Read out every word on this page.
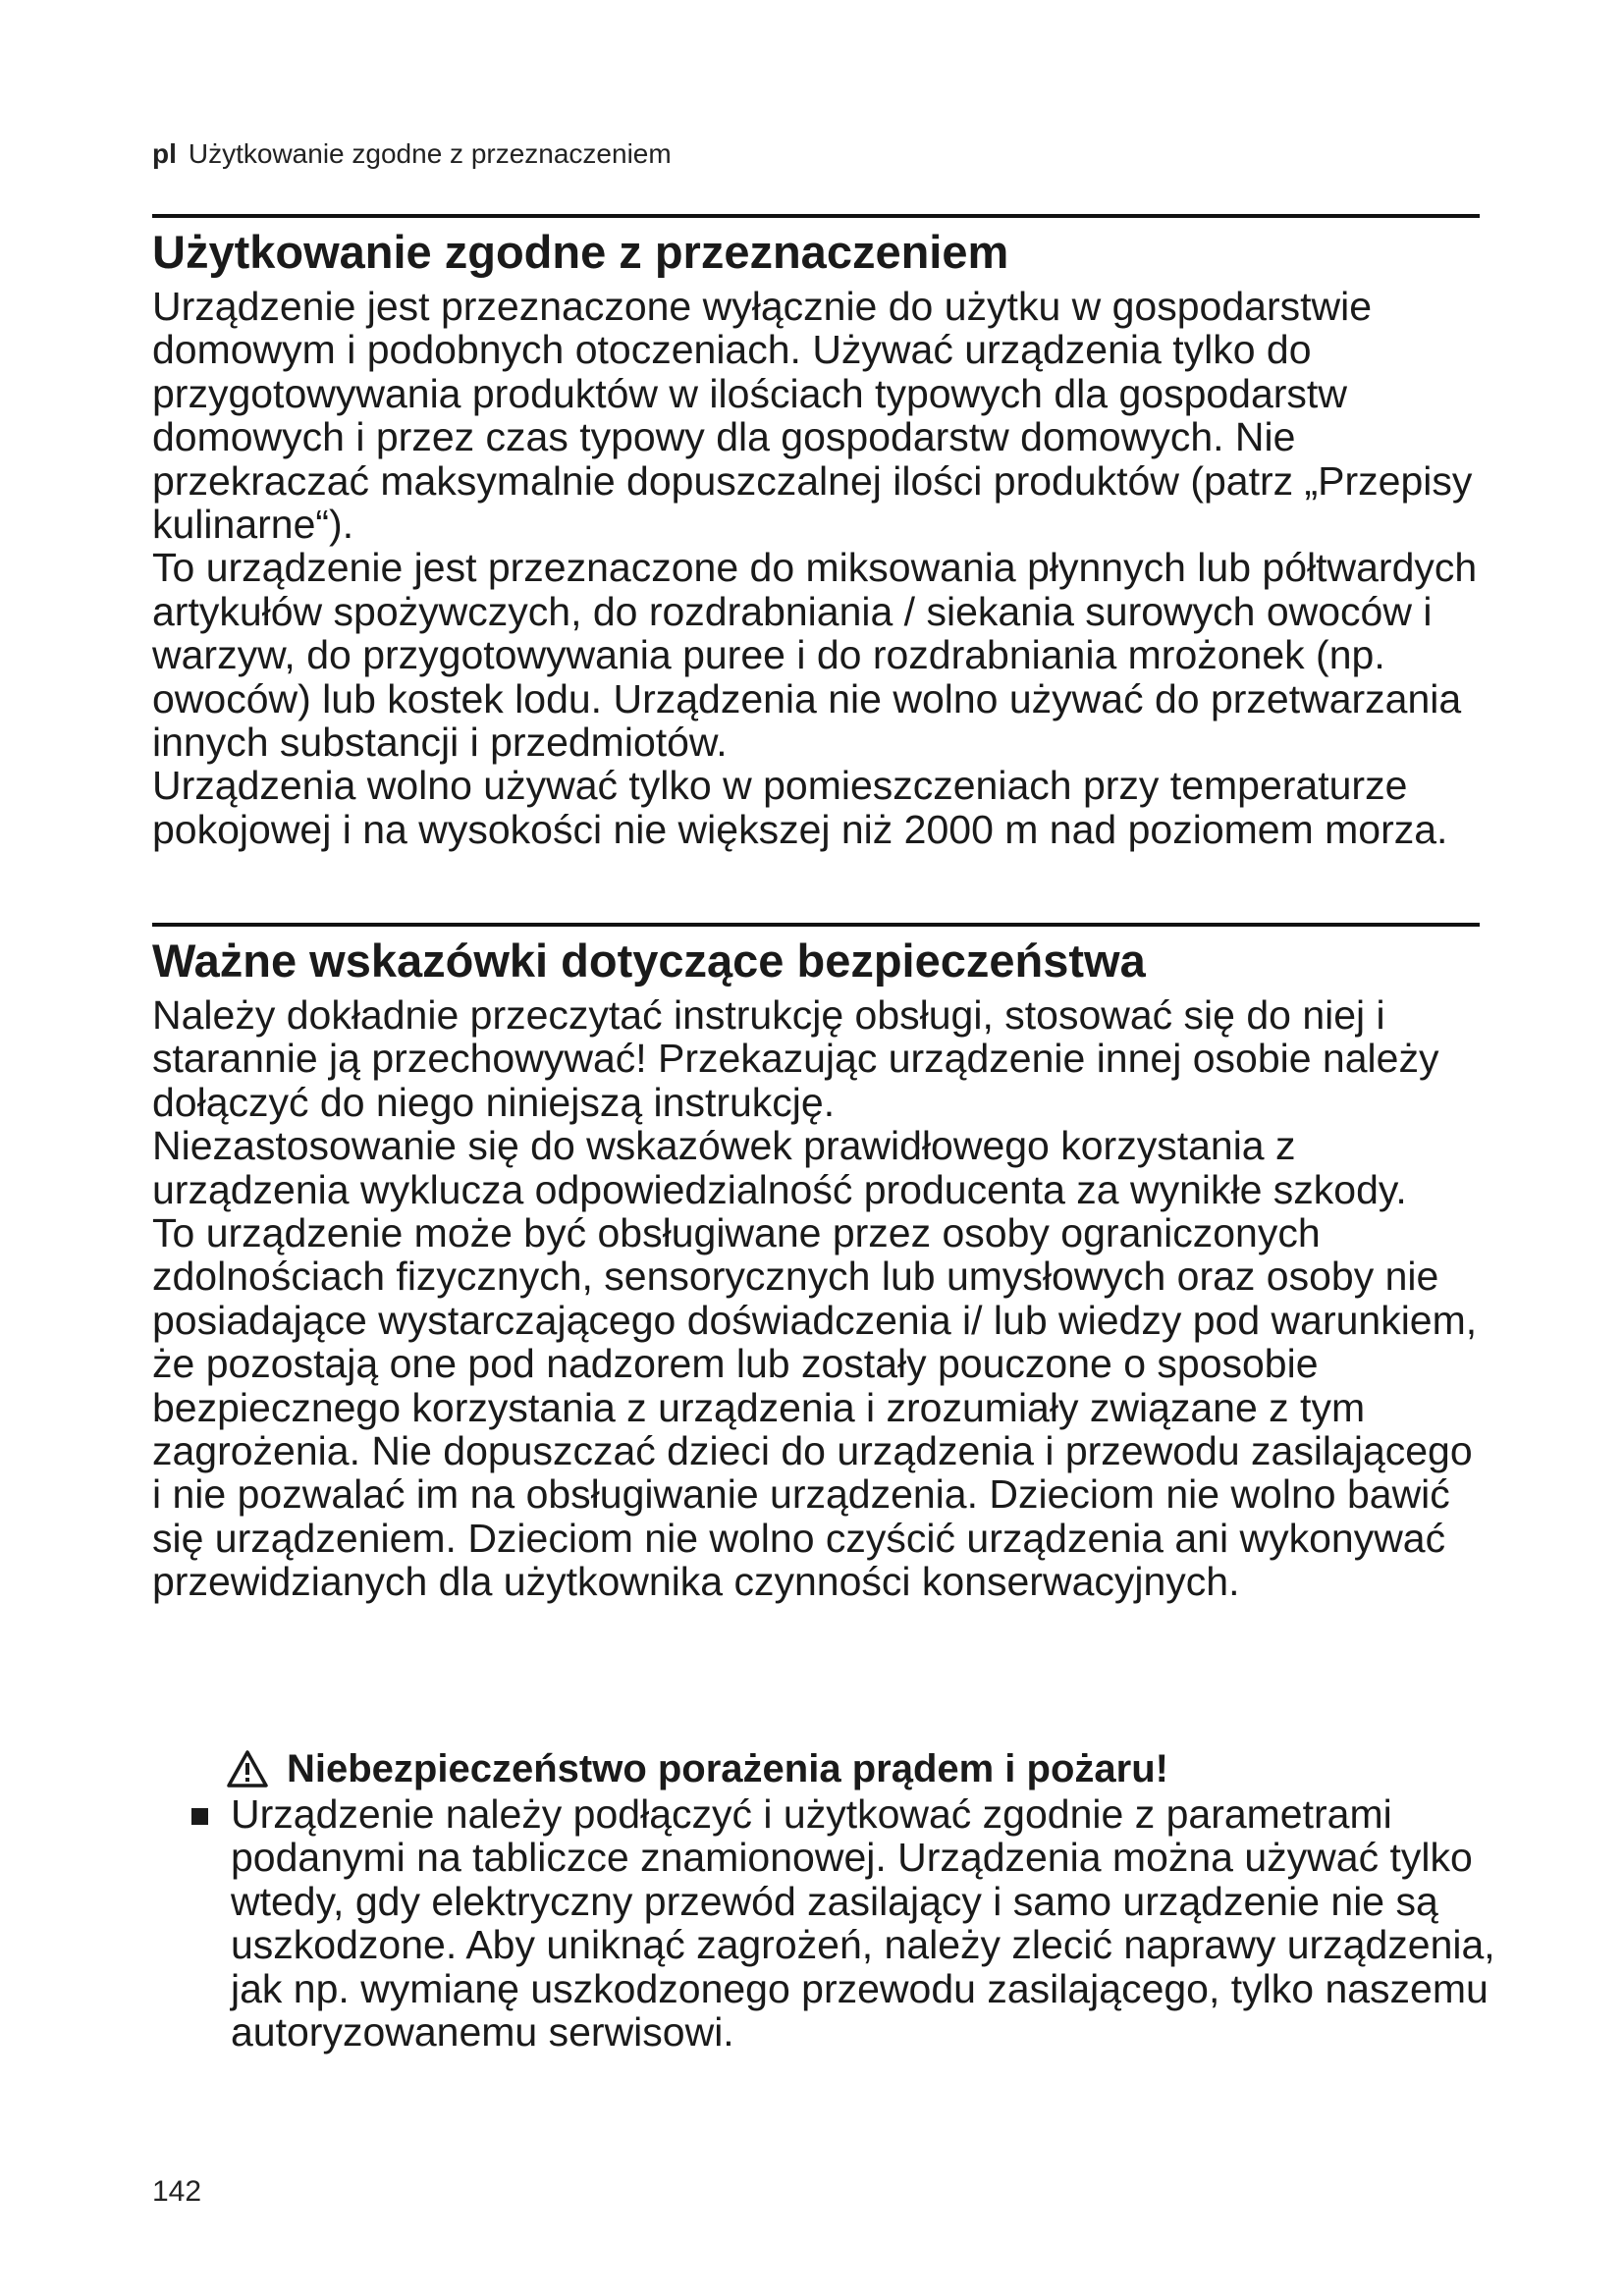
pl Użytkowanie zgodne z przeznaczeniem
Użytkowanie zgodne z przeznaczeniem

Urządzenie jest przeznaczone wyłącznie do użytku w gospodarstwie domowym i podobnych otoczeniach. Używać urządzenia tylko do przygotowywania produktów w ilościach typowych dla gospodarstw domowych i przez czas typowy dla gospodarstw domowych. Nie przekraczać maksymalnie dopuszczalnej ilości produktów (patrz „Przepisy kulinarne“).

To urządzenie jest przeznaczone do miksowania płynnych lub półtwardych artykułów spożywczych, do rozdrabniania / siekania surowych owoców i warzyw, do przygotowywania puree i do rozdrabniania mrożonek (np. owoców) lub kostek lodu. Urządzenia nie wolno używać do przetwarzania innych substancji i przedmiotów.

Urządzenia wolno używać tylko w pomieszczeniach przy temperaturze pokojowej i na wysokości nie większej niż 2000 m nad poziomem morza.

Ważne wskazówki dotyczące bezpieczeństwa

Należy dokładnie przeczytać instrukcję obsługi, stosować się do niej i starannie ją przechowywać! Przekazując urządzenie innej osobie należy dołączyć do niego niniejszą instrukcję.

Niezastosowanie się do wskazówek prawidłowego korzystania z urządzenia wyklucza odpowiedzialność producenta za wynikłe szkody.

To urządzenie może być obsługiwane przez osoby ograniczonych zdolnościach fizycznych, sensorycznych lub umysłowych oraz osoby nie posiadające wystarczającego doświadczenia i/ lub wiedzy pod warunkiem, że pozostają one pod nadzorem lub zostały pouczone o sposobie bezpiecznego korzystania z urządzenia i zrozumiały związane z tym zagrożenia. Nie dopuszczać dzieci do urządzenia i przewodu zasilającego i nie pozwalać im na obsługiwanie urządzenia. Dzieciom nie wolno bawić się urządzeniem. Dzieciom nie wolno czyścić urządzenia ani wykonywać przewidzianych dla użytkownika czynności konserwacyjnych.

Niebezpieczeństwo porażenia prądem i pożaru!
Urządzenie należy podłączyć i użytkować zgodnie z parametrami podanymi na tabliczce znamionowej. Urządzenia można używać tylko wtedy, gdy elektryczny przewód zasilający i samo urządzenie nie są uszkodzone. Aby uniknąć zagrożeń, należy zlecić naprawy urządzenia, jak np. wymianę uszkodzonego przewodu zasilającego, tylko naszemu autoryzowanemu serwisowi.
142
